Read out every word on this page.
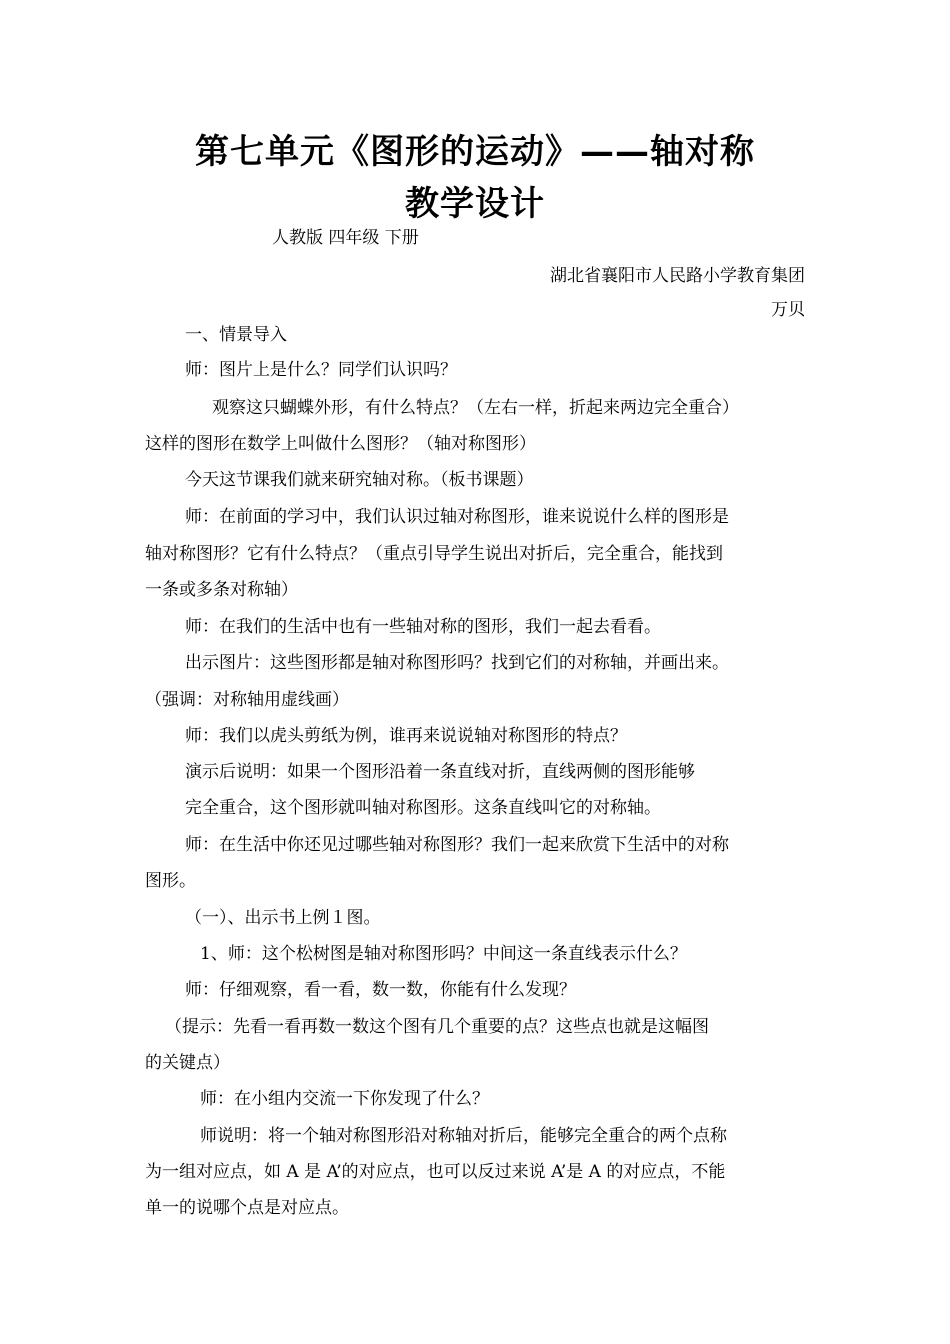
第七单元《图形的运动》——轴对称
教学设计
人教版 四年级 下册
湖北省襄阳市人民路小学教育集团
万贝
一、情景导入
师：图片上是什么？同学们认识吗？
观察这只蝴蝶外形，有什么特点？（左右一样，折起来两边完全重合）
这样的图形在数学上叫做什么图形？（轴对称图形）
今天这节课我们就来研究轴对称。（板书课题）
师：在前面的学习中，我们认识过轴对称图形，谁来说说什么样的图形是
轴对称图形？它有什么特点？（重点引导学生说出对折后，完全重合，能找到
一条或多条对称轴）
师：在我们的生活中也有一些轴对称的图形，我们一起去看看。
出示图片：这些图形都是轴对称图形吗？找到它们的对称轴，并画出来。
（强调：对称轴用虚线画）
师：我们以虎头剪纸为例，谁再来说说轴对称图形的特点？
演示后说明：如果一个图形沿着一条直线对折，直线两侧的图形能够
完全重合，这个图形就叫轴对称图形。这条直线叫它的对称轴。
师：在生活中你还见过哪些轴对称图形？我们一起来欣赏下生活中的对称
图形。
（一）、出示书上例１图。
1、师：这个松树图是轴对称图形吗？中间这一条直线表示什么？
师：仔细观察，看一看，数一数，你能有什么发现？
（提示：先看一看再数一数这个图有几个重要的点？这些点也就是这幅图
的关键点）
师：在小组内交流一下你发现了什么？
师说明：将一个轴对称图形沿对称轴对折后，能够完全重合的两个点称
为一组对应点，如 A 是 A’的对应点，也可以反过来说 A’是 A 的对应点，不能
单一的说哪个点是对应点。
